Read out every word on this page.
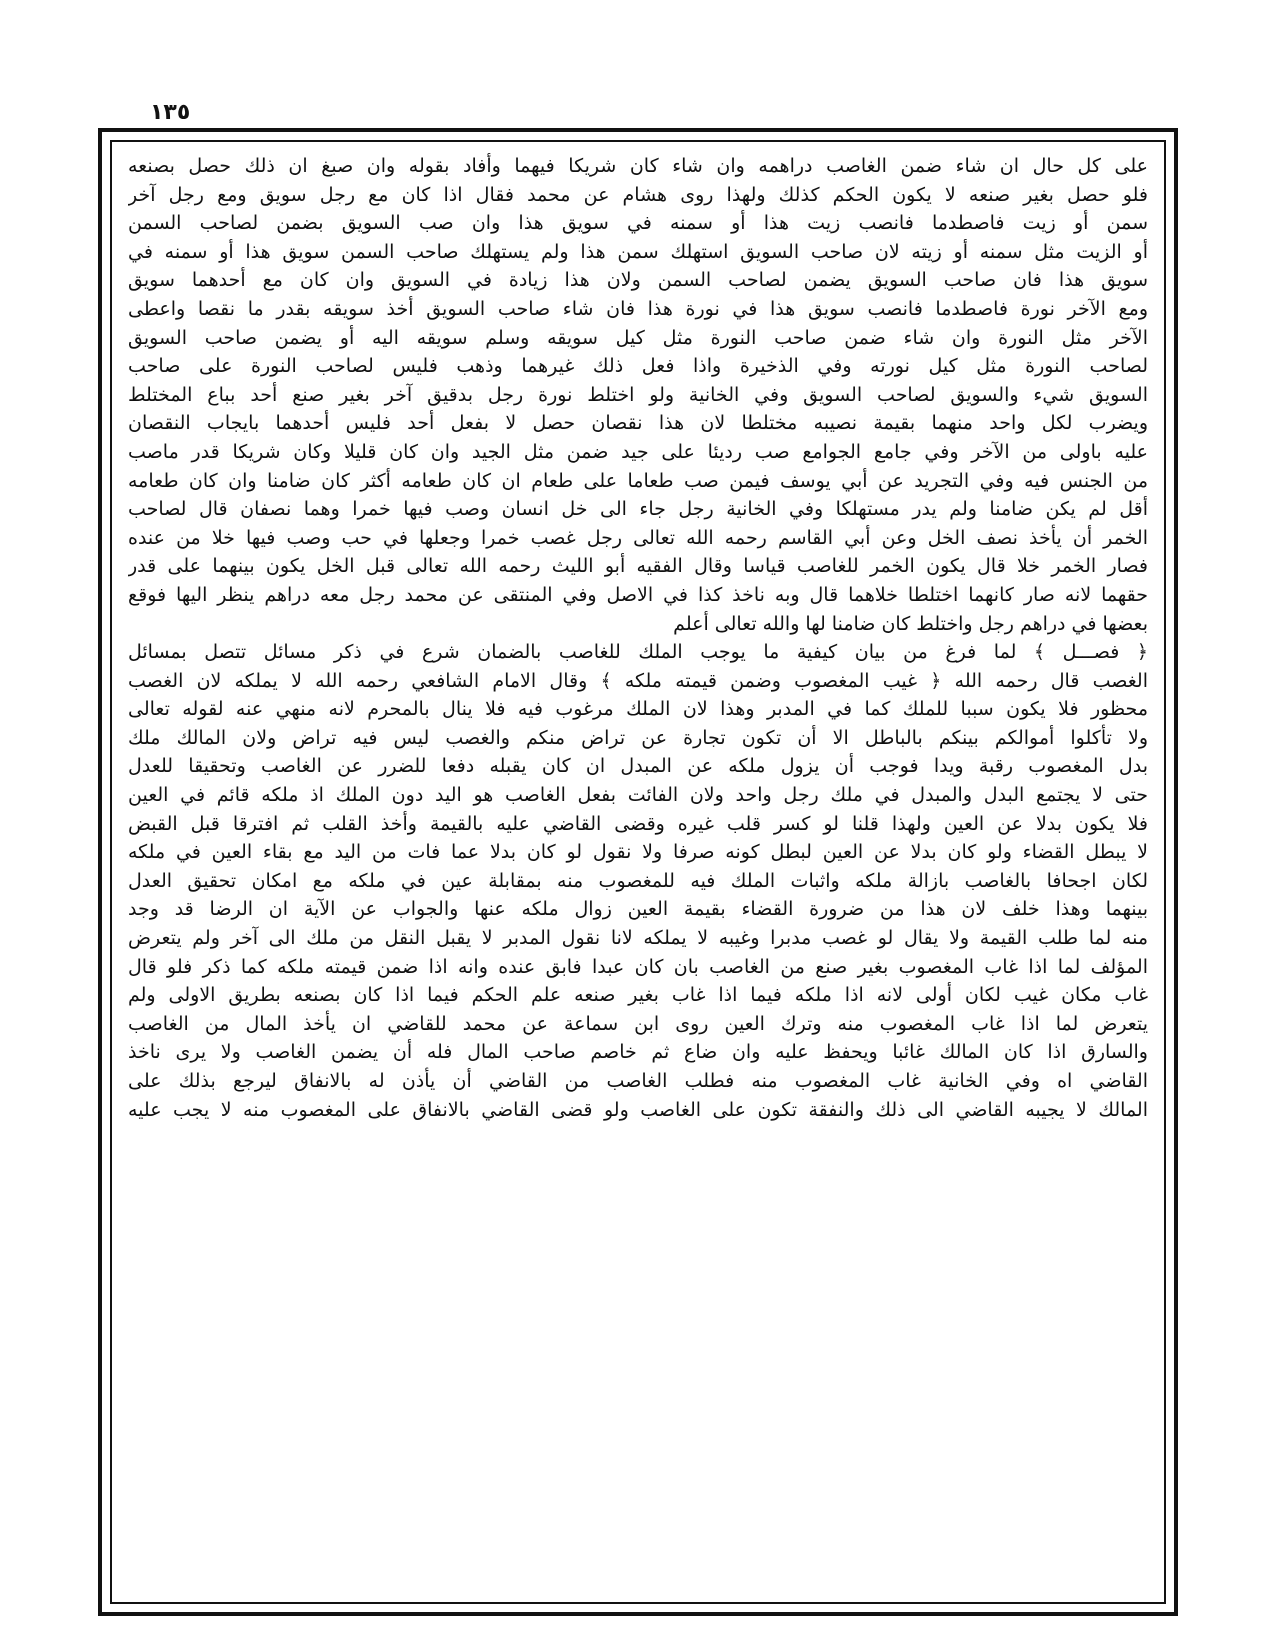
١٣٥
على كل حال ان شاء ضمن الغاصب دراهمه وان شاء كان شريكا فيهما وأفاد بقوله وان صبغ ان ذلك حصل بصنعه
فلو حصل بغير صنعه لا يكون الحكم كذلك ولهذا روى هشام عن محمد فقال اذا كان مع رجل سويق ومع رجل آخر
سمن أو زيت فاصطدما فانصب زيت هذا أو سمنه في سويق هذا وان صب السويق بضمن لصاحب السمن
أو الزيت مثل سمنه أو زيته لان صاحب السويق استهلك سمن هذا ولم يستهلك صاحب السمن سويق هذا أو سمنه في
سويق هذا فان صاحب السويق يضمن لصاحب السمن ولان هذا زيادة في السويق وان كان مع أحدهما سويق
ومع الآخر نورة فاصطدما فانصب سويق هذا في نورة هذا فان شاء صاحب السويق أخذ سويقه بقدر ما نقصا واعطى
الآخر مثل النورة وان شاء ضمن صاحب النورة مثل كيل سويقه وسلم سويقه اليه أو يضمن صاحب السويق
لصاحب النورة مثل كيل نورته وفي الذخيرة واذا فعل ذلك غيرهما وذهب فليس لصاحب النورة على صاحب
السويق شيء والسويق لصاحب السويق وفي الخانية ولو اختلط نورة رجل بدقيق آخر بغير صنع أحد بباع المختلط
ويضرب لكل واحد منهما بقيمة نصيبه مختلطا لان هذا نقصان حصل لا بفعل أحد فليس أحدهما بايجاب النقصان
عليه باولى من الآخر وفي جامع الجوامع صب رديئا على جيد ضمن مثل الجيد وان كان قليلا وكان شريكا قدر ماصب
من الجنس فيه وفي التجريد عن أبي يوسف فيمن صب طعاما على طعام ان كان طعامه أكثر كان ضامنا وان كان طعامه
أقل لم يكن ضامنا ولم يدر مستهلكا وفي الخانية رجل جاء الى خل انسان وصب فيها خمرا وهما نصفان قال لصاحب
الخمر أن يأخذ نصف الخل وعن أبي القاسم رحمه الله تعالى رجل غصب خمرا وجعلها في حب وصب فيها خلا من عنده
فصار الخمر خلا قال يكون الخمر للغاصب قياسا وقال الفقيه أبو الليث رحمه الله تعالى قبل الخل يكون بينهما على قدر
حقهما لانه صار كانهما اختلطا خلاهما قال وبه ناخذ كذا في الاصل وفي المنتقى عن محمد رجل معه دراهم ينظر اليها فوقع
بعضها في دراهم رجل واختلط كان ضامنا لها والله تعالى أعلم
﴿ فصـــل ﴾ لما فرغ من بيان كيفية ما يوجب الملك للغاصب بالضمان شرع في ذكر مسائل تتصل بمسائل
الغصب قال رحمه الله ﴿ غيب المغصوب وضمن قيمته ملكه ﴾ وقال الامام الشافعي رحمه الله لا يملكه لان الغصب
محظور فلا يكون سببا للملك كما في المدبر وهذا لان الملك مرغوب فيه فلا ينال بالمحرم لانه منهي عنه لقوله تعالى
ولا تأكلوا أموالكم بينكم بالباطل الا أن تكون تجارة عن تراض منكم والغصب ليس فيه تراض ولان المالك ملك
بدل المغصوب رقبة ويدا فوجب أن يزول ملكه عن المبدل ان كان يقبله دفعا للضرر عن الغاصب وتحقيقا للعدل
حتى لا يجتمع البدل والمبدل في ملك رجل واحد ولان الفائت بفعل الغاصب هو اليد دون الملك اذ ملكه قائم في العين
فلا يكون بدلا عن العين ولهذا قلنا لو كسر قلب غيره وقضى القاضي عليه بالقيمة وأخذ القلب ثم افترقا قبل القبض
لا يبطل القضاء ولو كان بدلا عن العين لبطل كونه صرفا ولا نقول لو كان بدلا عما فات من اليد مع بقاء العين في ملكه
لكان اجحافا بالغاصب بازالة ملكه واثبات الملك فيه للمغصوب منه بمقابلة عين في ملكه مع امكان تحقيق العدل
بينهما وهذا خلف لان هذا من ضرورة القضاء بقيمة العين زوال ملكه عنها والجواب عن الآية ان الرضا قد وجد
منه لما طلب القيمة ولا يقال لو غصب مدبرا وغيبه لا يملكه لانا نقول المدبر لا يقبل النقل من ملك الى آخر ولم يتعرض
المؤلف لما اذا غاب المغصوب بغير صنع من الغاصب بان كان عبدا فابق عنده وانه اذا ضمن قيمته ملكه كما ذكر فلو قال
غاب مكان غيب لكان أولى لانه اذا ملكه فيما اذا غاب بغير صنعه علم الحكم فيما اذا كان بصنعه بطريق الاولى ولم
يتعرض لما اذا غاب المغصوب منه وترك العين روى ابن سماعة عن محمد للقاضي ان يأخذ المال من الغاصب
والسارق اذا كان المالك غائبا ويحفظ عليه وان ضاع ثم خاصم صاحب المال فله أن يضمن الغاصب ولا يرى ناخذ
القاضي اه وفي الخانية غاب المغصوب منه فطلب الغاصب من القاضي أن يأذن له بالانفاق ليرجع بذلك على
المالك لا يجيبه القاضي الى ذلك والنفقة تكون على الغاصب ولو قضى القاضي بالانفاق على المغصوب منه لا يجب عليه
